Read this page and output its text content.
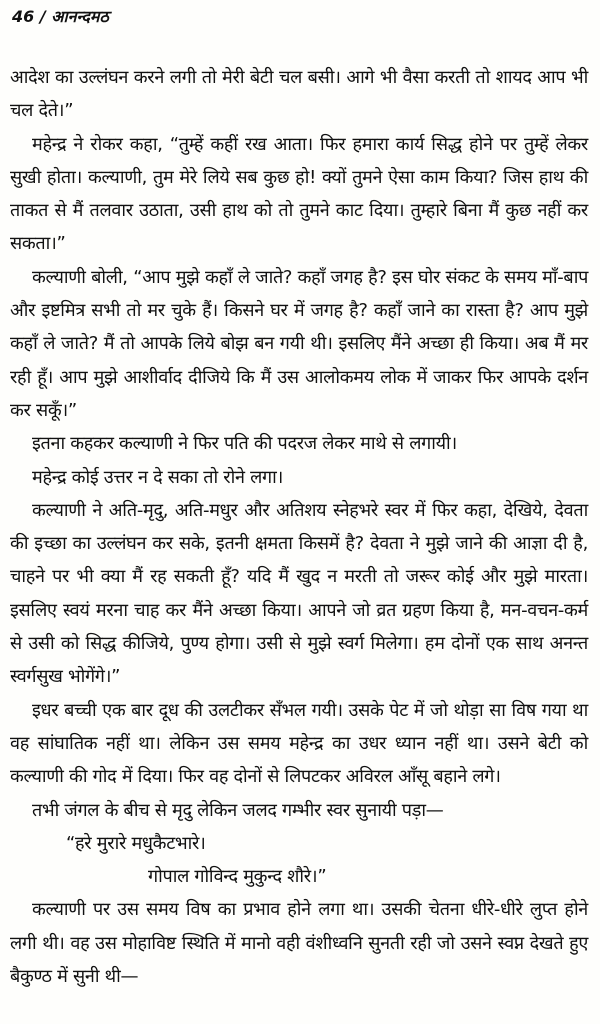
46 / आनन्दमठ

आदेश का उल्लंघन करने लगी तो मेरी बेटी चल बसी। आगे भी वैसा करती तो शायद आप भी चल देते।”

महेन्द्र ने रोकर कहा, “तुम्हें कहीं रख आता। फिर हमारा कार्य सिद्ध होने पर तुम्हें लेकर सुखी होता। कल्याणी, तुम मेरे लिये सब कुछ हो! क्यों तुमने ऐसा काम किया? जिस हाथ की ताकत से मैं तलवार उठाता, उसी हाथ को तो तुमने काट दिया। तुम्हारे बिना मैं कुछ नहीं कर सकता।”

कल्याणी बोली, “आप मुझे कहाँ ले जाते? कहाँ जगह है? इस घोर संकट के समय माँ-बाप और इष्टमित्र सभी तो मर चुके हैं। किसने घर में जगह है? कहाँ जाने का रास्ता है? आप मुझे कहाँ ले जाते? मैं तो आपके लिये बोझ बन गयी थी। इसलिए मैंने अच्छा ही किया। अब मैं मर रही हूँ। आप मुझे आशीर्वाद दीजिये कि मैं उस आलोकमय लोक में जाकर फिर आपके दर्शन कर सकूँ।”

इतना कहकर कल्याणी ने फिर पति की पदरज लेकर माथे से लगायी।

महेन्द्र कोई उत्तर न दे सका तो रोने लगा।

कल्याणी ने अति-मृदु, अति-मधुर और अतिशय स्नेहभरे स्वर में फिर कहा, देखिये, देवता की इच्छा का उल्लंघन कर सके, इतनी क्षमता किसमें है? देवता ने मुझे जाने की आज्ञा दी है, चाहने पर भी क्या मैं रह सकती हूँ? यदि मैं खुद न मरती तो जरूर कोई और मुझे मारता। इसलिए स्वयं मरना चाह कर मैंने अच्छा किया। आपने जो व्रत ग्रहण किया है, मन-वचन-कर्म से उसी को सिद्ध कीजिये, पुण्य होगा। उसी से मुझे स्वर्ग मिलेगा। हम दोनों एक साथ अनन्त स्वर्गसुख भोगेंगे।”

इधर बच्ची एक बार दूध की उलटीकर सँभल गयी। उसके पेट में जो थोड़ा सा विष गया था वह सांघातिक नहीं था। लेकिन उस समय महेन्द्र का उधर ध्यान नहीं था। उसने बेटी को कल्याणी की गोद में दिया। फिर वह दोनों से लिपटकर अविरल आँसू बहाने लगे।

तभी जंगल के बीच से मृदु लेकिन जलद गम्भीर स्वर सुनायी पड़ा—

“हरे मुरारे मधुकैटभारे।

गोपाल गोविन्द मुकुन्द शौरे।”

कल्याणी पर उस समय विष का प्रभाव होने लगा था। उसकी चेतना धीरे-धीरे लुप्त होने लगी थी। वह उस मोहाविष्ट स्थिति में मानो वही वंशीध्वनि सुनती रही जो उसने स्वप्न देखते हुए बैकुण्ठ में सुनी थी—
